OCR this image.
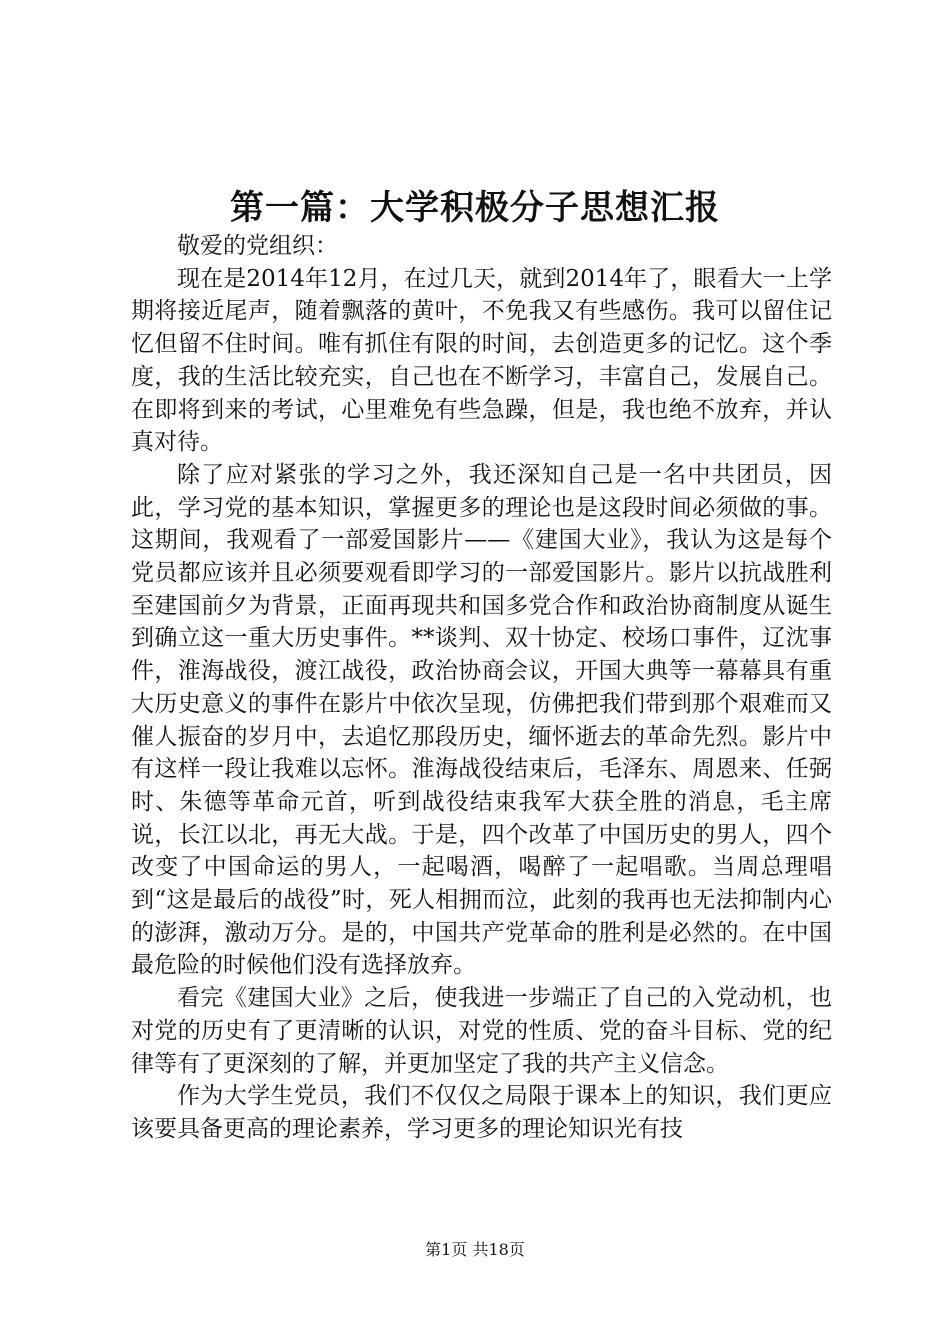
第一篇：大学积极分子思想汇报

敬爱的党组织：

现在是2014年12月，在过几天，就到2014年了，眼看大一上学期将接近尾声，随着飘落的黄叶，不免我又有些感伤。我可以留住记忆但留不住时间。唯有抓住有限的时间，去创造更多的记忆。这个季度，我的生活比较充实，自己也在不断学习，丰富自己，发展自己。在即将到来的考试，心里难免有些急躁，但是，我也绝不放弃，并认真对待。

除了应对紧张的学习之外，我还深知自己是一名中共团员，因此，学习党的基本知识，掌握更多的理论也是这段时间必须做的事。这期间，我观看了一部爱国影片——《建国大业》，我认为这是每个党员都应该并且必须要观看即学习的一部爱国影片。影片以抗战胜利至建国前夕为背景，正面再现共和国多党合作和政治协商制度从诞生到确立这一重大历史事件。**谈判、双十协定、校场口事件，辽沈事件，淮海战役，渡江战役，政治协商会议，开国大典等一幕幕具有重大历史意义的事件在影片中依次呈现，仿佛把我们带到那个艰难而又催人振奋的岁月中，去追忆那段历史，缅怀逝去的革命先烈。影片中有这样一段让我难以忘怀。淮海战役结束后，毛泽东、周恩来、任弼时、朱德等革命元首，听到战役结束我军大获全胜的消息，毛主席说，长江以北，再无大战。于是，四个改革了中国历史的男人，四个改变了中国命运的男人，一起喝酒，喝醉了一起唱歌。当周总理唱到“这是最后的战役”时，死人相拥而泣，此刻的我再也无法抑制内心的澎湃，激动万分。是的，中国共产党革命的胜利是必然的。在中国最危险的时候他们没有选择放弃。

看完《建国大业》之后，使我进一步端正了自己的入党动机，也对党的历史有了更清晰的认识，对党的性质、党的奋斗目标、党的纪律等有了更深刻的了解，并更加坚定了我的共产主义信念。

作为大学生党员，我们不仅仅之局限于课本上的知识，我们更应该要具备更高的理论素养，学习更多的理论知识光有技

第1页 共18页
